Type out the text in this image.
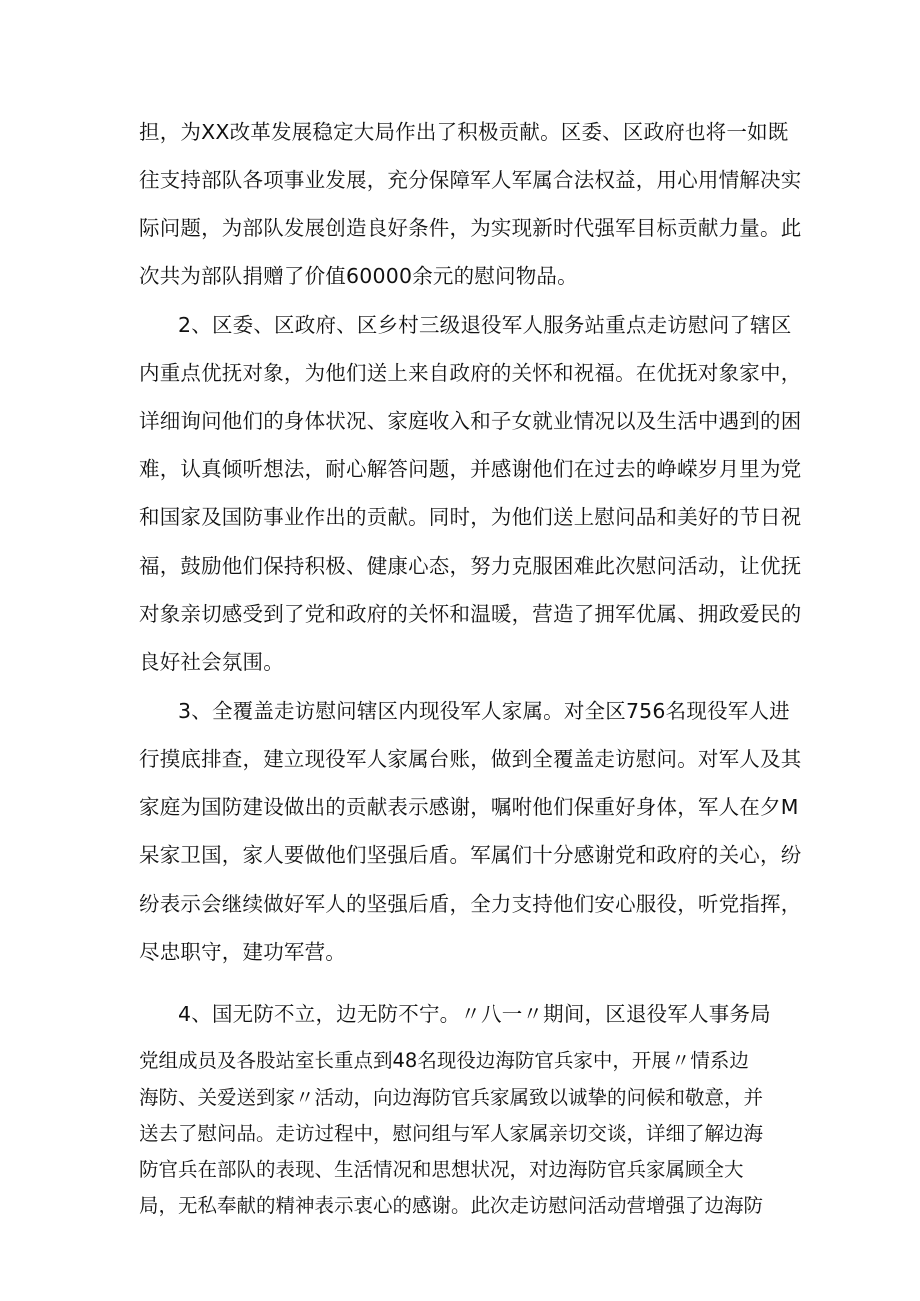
担，为XX改革发展稳定大局作出了积极贡献。区委、区政府也将一如既
往支持部队各项事业发展，充分保障军人军属合法权益，用心用情解决实
际问题，为部队发展创造良好条件，为实现新时代强军目标贡献力量。此
次共为部队捐赠了价值60000余元的慰问物品。
2、区委、区政府、区乡村三级退役军人服务站重点走访慰问了辖区
内重点优抚对象，为他们送上来自政府的关怀和祝福。在优抚对象家中，
详细询问他们的身体状况、家庭收入和子女就业情况以及生活中遇到的困
难，认真倾听想法，耐心解答问题，并感谢他们在过去的峥嵘岁月里为党
和国家及国防事业作出的贡献。同时，为他们送上慰问品和美好的节日祝
福，鼓励他们保持积极、健康心态，努力克服困难此次慰问活动，让优抚
对象亲切感受到了党和政府的关怀和温暖，营造了拥军优属、拥政爱民的
良好社会氛围。
3、全覆盖走访慰问辖区内现役军人家属。对全区756名现役军人进
行摸底排查，建立现役军人家属台账，做到全覆盖走访慰问。对军人及其
家庭为国防建设做出的贡献表示感谢，嘱咐他们保重好身体，军人在夕M
呆家卫国，家人要做他们坚强后盾。军属们十分感谢党和政府的关心，纷
纷表示会继续做好军人的坚强后盾，全力支持他们安心服役，听党指挥，
尽忠职守，建功军营。
4、国无防不立，边无防不宁。〃八一〃期间，区退役军人事务局
党组成员及各股站室长重点到48名现役边海防官兵家中，开展〃情系边
海防、关爱送到家〃活动，向边海防官兵家属致以诚挚的问候和敬意，并
送去了慰问品。走访过程中，慰问组与军人家属亲切交谈，详细了解边海
防官兵在部队的表现、生活情况和思想状况，对边海防官兵家属顾全大
局，无私奉献的精神表示衷心的感谢。此次走访慰问活动营增强了边海防
